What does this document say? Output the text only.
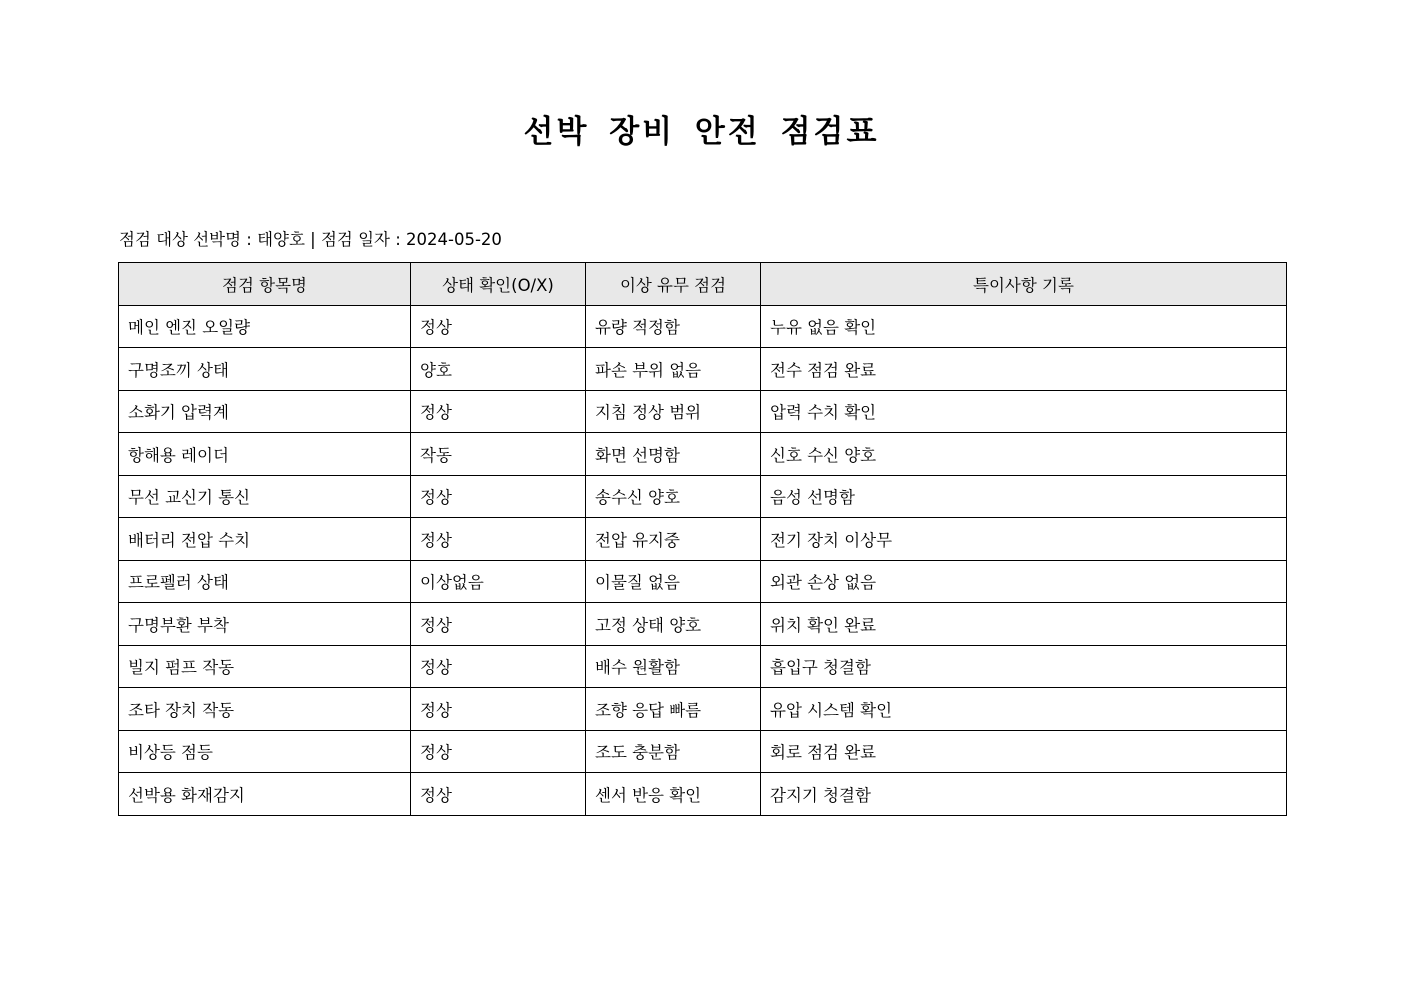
선박 장비 안전 점검표
점검 대상 선박명 : 태양호 | 점검 일자 : 2024-05-20
점검 항목명	상태 확인(O/X)	이상 유무 점검	특이사항 기록
메인 엔진 오일량	정상	유량 적정함	누유 없음 확인
구명조끼 상태	양호	파손 부위 없음	전수 점검 완료
소화기 압력계	정상	지침 정상 범위	압력 수치 확인
항해용 레이더	작동	화면 선명함	신호 수신 양호
무선 교신기 통신	정상	송수신 양호	음성 선명함
배터리 전압 수치	정상	전압 유지중	전기 장치 이상무
프로펠러 상태	이상없음	이물질 없음	외관 손상 없음
구명부환 부착	정상	고정 상태 양호	위치 확인 완료
빌지 펌프 작동	정상	배수 원활함	흡입구 청결함
조타 장치 작동	정상	조향 응답 빠름	유압 시스템 확인
비상등 점등	정상	조도 충분함	회로 점검 완료
선박용 화재감지	정상	센서 반응 확인	감지기 청결함
